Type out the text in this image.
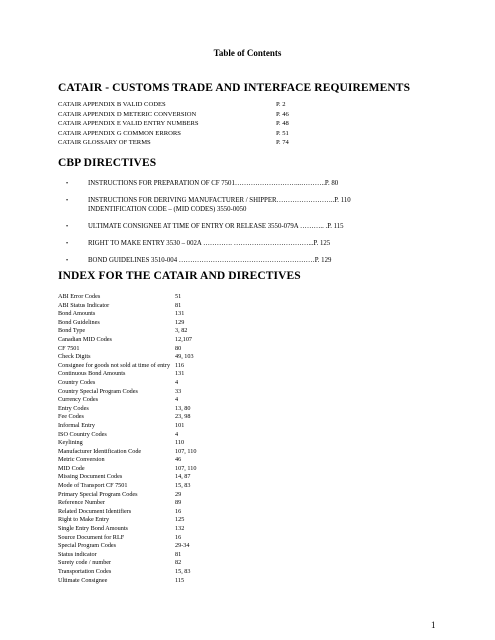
Table of Contents
CATAIR - CUSTOMS TRADE AND INTERFACE REQUIREMENTS
CATAIR APPENDIX B VALID CODES	P. 2
CATAIR APPENDIX D METERIC CONVERSION	P. 46
CATAIR APPENDIX E VALID ENTRY NUMBERS	P. 48
CATAIR APPENDIX G COMMON ERRORS	P. 51
CATAIR GLOSSARY OF TERMS	P. 74
CBP DIRECTIVES
•	INSTRUCTIONS FOR PREPARATION OF CF 7501………………………...………..P. 80
•	INSTRUCTIONS FOR DERIVING MANUFACTURER / SHIPPER……………………..P. 110
INDENTIFICATION CODE – (MID CODES) 3550-0050
•	ULTIMATE CONSIGNEE AT TIME OF ENTRY OR RELEASE 3550-079A ……….. .P. 115
•	RIGHT TO MAKE ENTRY 3530 – 002A …………. ……………………………...P. 125
•	BOND GUIDELINES 3510-004 ……………………………………………………P. 129
INDEX FOR THE CATAIR AND DIRECTIVES
ABI Error Codes	51
ABI Status Indicator	81
Bond Amounts	131
Bond Guidelines	129
Bond Type	3, 82
Canadian MID Codes	12,107
CF 7501	80
Check Digits	49, 103
Consignee for goods not sold at time of entry 116
Continuous Bond Amounts	131
Country Codes	4
Country Special Program Codes	33
Currency Codes	4
Entry Codes	13, 80
Fee Codes	23, 98
Informal Entry	101
ISO Country Codes	4
Keylining	110
Manufacturer Identification Code	107, 110
Metric Conversion	46
MID Code	107, 110
Missing Document Codes	14, 87
Mode of Transport CF 7501	15, 83
Primary Special Program Codes	29
Reference Number	89
Related Document Identifiers	16
Right to Make Entry	125
Single Entry Bond Amounts	132
Source Document for RLF	16
Special Program Codes	29-34
Status indicator	81
Surety code / number	82
Transportation Codes	15, 83
Ultimate Consignee	115
1
